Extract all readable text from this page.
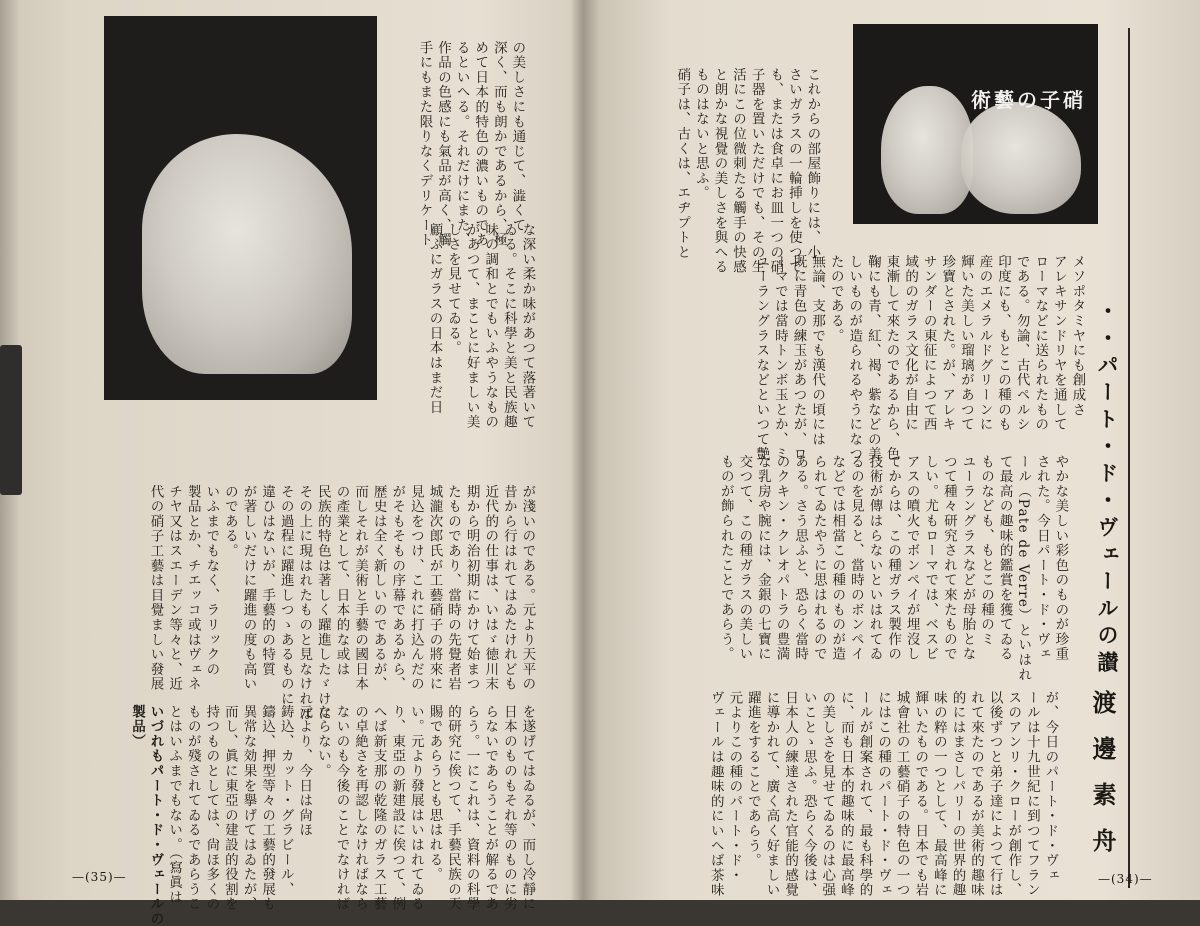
の美しさにも通じて、澁くて
深く、而も朗かであるから、極
めて日本的特色の濃いものであ
るといへる。それだけにまた、
作品の色感にも氣品が高く、觸
手にもまた限りなくデリケート

な深い柔か味があつて落著いて
ゐる。そこに科學と美と民族趣
味の調和とでもいふやうなもの
があつて、まことに好ましい美
しさを見せてゐる。
顧ふにガラスの日本はまだ日

が淺いのである。元より天平の
昔から行はれてはゐたけれども
近代的の仕事は、いはゞ徳川末
期から明治初期にかけて始まつ
たものであり、當時の先覺者岩
城瀧次郎氏が工藝硝子の將來に
見込をつけ、これに打込んだの
がそもそもの序幕であるから、
歴史は全く新しいのであるが、
而しそれが美術と手藝の國日本
の產業として、日本的な或は
民族的特色は著しく躍進したゞけに
その上に現はれたものと見なければ
その過程に躍進しつゝあるものに
違ひはないが、手藝的の特質
が著しいだけに躍進の度も高い
のである。
いふまでもなく、ラリックの
製品とか、チエッコ或はヴェネ
チヤ又はスエーデン等々と、近
代の硝子工藝は目覺ましい發展

を遂げてはゐるが、而し冷靜に
日本のものもそれ等のものに劣
らないであらうことが解るであ
らう。一にこれは、資料の科學
的研究に俟つて、手藝民族の天
賜であらうとも思はれる。
い。元より發展はいはれてゐる
り、東亞の新建設に俟つて、例
へば新支那の乾隆のガラス工藝
の卓絶さを再認しなければなら
ないのも今後のことでなければ
ならない。
元より、今日は尙ほ
鋳込、カット・グラビール、
鑄込、押型等々の工藝的發展も
異常な効果を擧げてはゐたが、
而し、眞に東亞の建設的役割を
持つものとしては、尙ほ多くの
ものが殘されてゐるであらうこ
とはいふまでもない。（寫眞は
いづれもパート・ド・ヴェールの
製品）

—(35)—
硝子の藝術

これからの部屋飾りには、小
さいガラスの一輪挿しを使つて
も、または食卓にお皿一つの硝
子器を置いただけでも、その生
活にこの位微刺たる觸手の快感
と朗かな視覺の美しさを與へる
ものはないと思ふ。
硝子は、古くは、エヂプトと

メソポタミヤにも創成さ
アレキサンドリヤを通して
ローマなどに送られたもの
である。勿論、古代ペルシ
印度にも、もとこの種のも
産のエメラルドグリーンに
輝いた美しい瑠璃があつて
珍寶とされた。が、アレキ
サンダーの東征によつて西
域的のガラス文化が自由に
東漸して來たのであるから、色
鞠にも青、紅、褐、紫などの美
しいものが造られるやうになつ
たのである。
無論、支那でも漢代の頃には
既に青色の練玉があつたが、ロ
ーマでは當時トンボ玉とか、ミ
ユーラングラスなどといつて艶
	・・パート・ド・ヴェールの讃

やかな美しい彩色のものが珍重
された。今日パート・ド・ヴェ
ール（Pate de Verre）といはれ
て最高の趣味的鑑賞を獲てゐる
ものなども、もとこの種のミ
ユーラングラスなどが母胎とな
つて種々研究されて來たもので
しい。尤もローマでは、ベスビ
アスの噴火でボンペイが埋沒し
てからは、この種ガラス製作の
技術が傳はらないといはれてゐ
るのを見ると、當時のボンペイ
などでは相當この種のものが造
られてゐたやうに思はれるので
ある。さう思ふと、恐らく當時
のクキン・クレオパトラの豊満
な乳房や腕には、金銀の七寶に
交つて、この種ガラスの美しい
ものが飾られたことであらう。

渡邊素舟

が、今日のパート・ド・ヴェ
ールは十九世紀に到つてフラン
スのアンリ・クローが創作し、
以後ずつと弟子達によつて行は
れて來たのであるが美術的趣味
的にはまさしパリーの世界的趣
味の粹の一つとして、最高峰に
輝いたものである。日本でも岩
城會社の工藝硝子の特色の一つ
にはこの種のパート・ド・ヴェ
ールが創案されて、最も科學的
に、而も日本的趣味的に最高峰
の美しさを見せてゐるのは心强
いことゝ思ふ。恐らく今後は、
日本人の練達された官能的感覺
に導かれて、廣く高く好ましい
躍進をすることであらう。
元よりこの種のパート・ド・
ヴェールは趣味的にいへば茶味
	—(34)—
